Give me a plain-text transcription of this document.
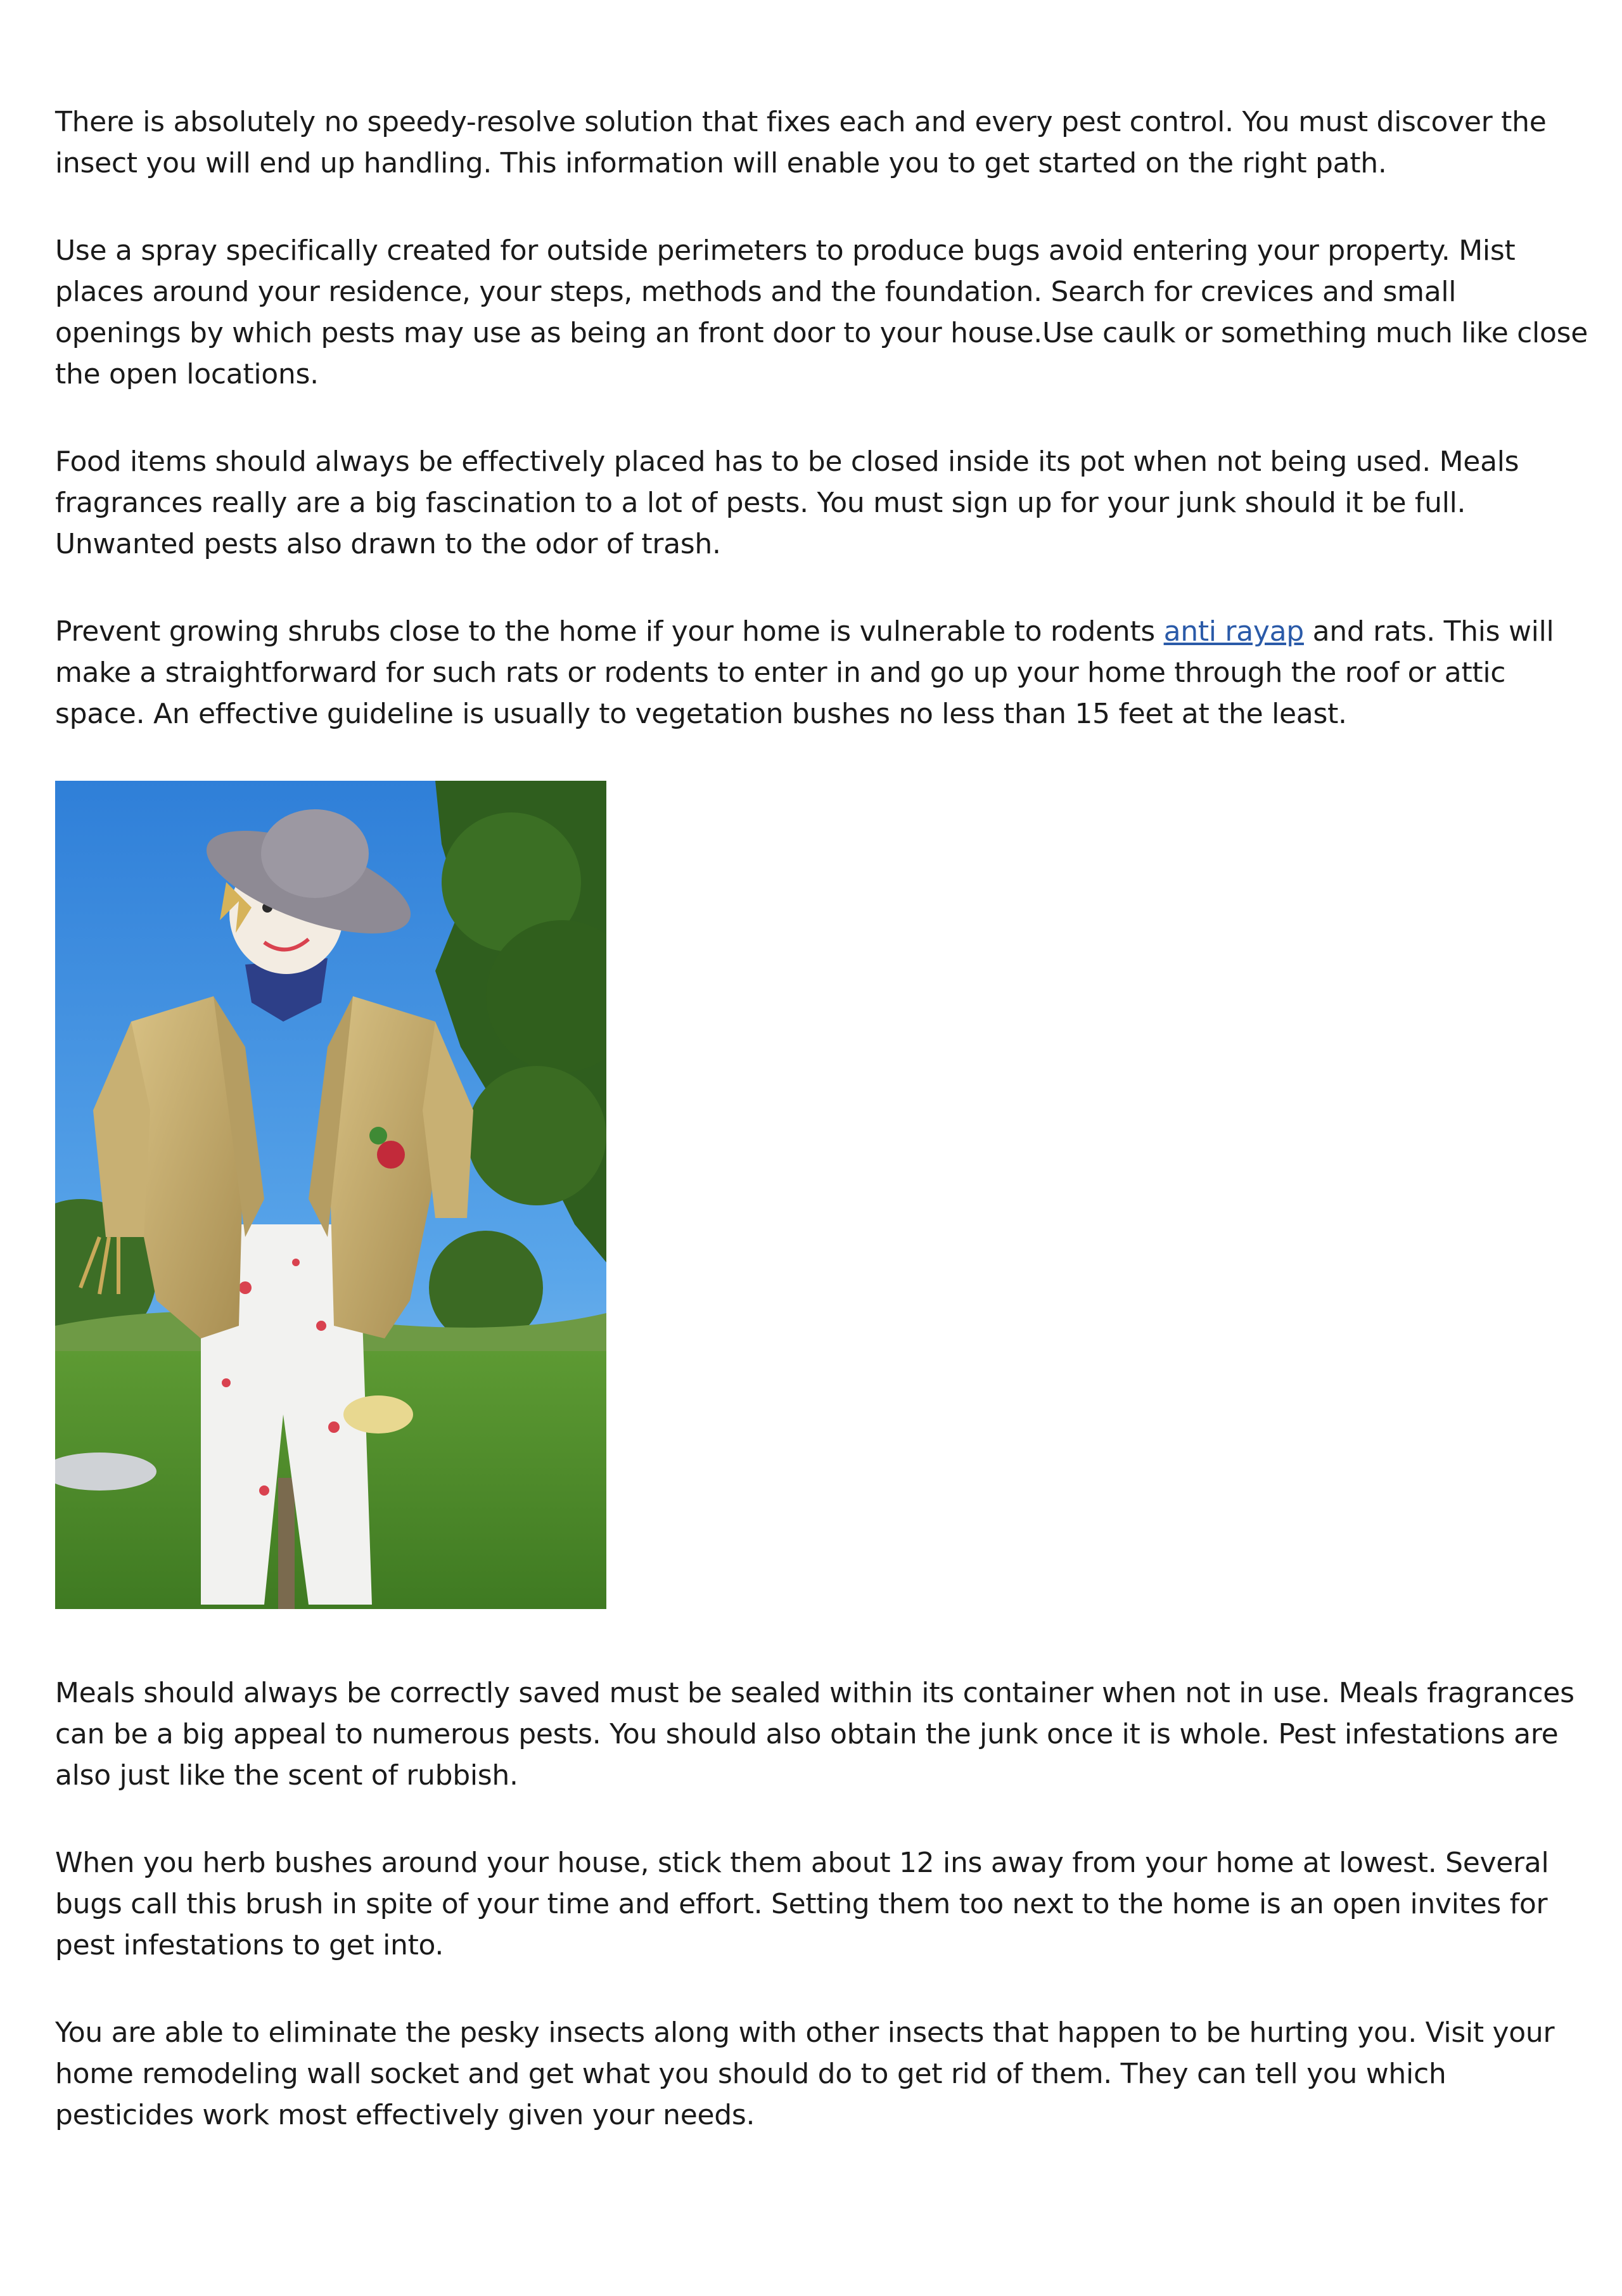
There is absolutely no speedy-resolve solution that fixes each and every pest control. You must discover the insect you will end up handling. This information will enable you to get started on the right path.

Use a spray specifically created for outside perimeters to produce bugs avoid entering your property. Mist places around your residence, your steps, methods and the foundation. Search for crevices and small openings by which pests may use as being an front door to your house.Use caulk or something much like close the open locations.

Food items should always be effectively placed has to be closed inside its pot when not being used. Meals fragrances really are a big fascination to a lot of pests. You must sign up for your junk should it be full. Unwanted pests also drawn to the odor of trash.

Prevent growing shrubs close to the home if your home is vulnerable to rodents anti rayap and rats. This will make a straightforward for such rats or rodents to enter in and go up your home through the roof or attic space. An effective guideline is usually to vegetation bushes no less than 15 feet at the least.

Meals should always be correctly saved must be sealed within its container when not in use. Meals fragrances can be a big appeal to numerous pests. You should also obtain the junk once it is whole. Pest infestations are also just like the scent of rubbish.

When you herb bushes around your house, stick them about 12 ins away from your home at lowest. Several bugs call this brush in spite of your time and effort. Setting them too next to the home is an open invites for pest infestations to get into.

You are able to eliminate the pesky insects along with other insects that happen to be hurting you. Visit your home remodeling wall socket and get what you should do to get rid of them. They can tell you which pesticides work most effectively given your needs.
